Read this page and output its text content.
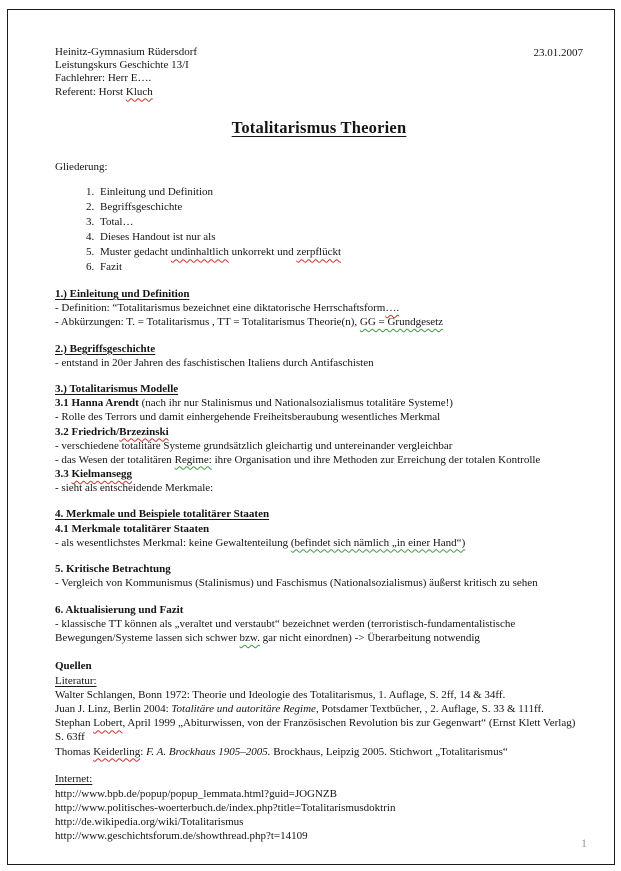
Heinitz-Gymnasium Rüdersdorf
Leistungskurs Geschichte 13/I
Fachlehrer: Herr E….
Referent: Horst Kluch
23.01.2007
Totalitarismus Theorien
Gliederung:
1. Einleitung und Definition
2. Begriffsgeschichte
3. Total…
4. Dieses Handout ist nur als
5. Muster gedacht undinhaltlich unkorrekt und zerpflückt
6. Fazit
1.) Einleitung und Definition
- Definition: “Totalitarismus bezeichnet eine diktatorische Herrschaftsform….
- Abkürzungen: T. = Totalitarismus , TT = Totalitarismus Theorie(n), GG = Grundgesetz
2.) Begriffsgeschichte
- entstand in 20er Jahren des faschistischen Italiens durch Antifaschisten
3.) Totalitarismus Modelle
3.1 Hanna Arendt (nach ihr nur Stalinismus und Nationalsozialismus totalitäre Systeme!)
- Rolle des Terrors und damit einhergehende Freiheitsberaubung wesentliches Merkmal
3.2 Friedrich/Brzezinski
- verschiedene totalitäre Systeme grundsätzlich gleichartig und untereinander vergleichbar
- das Wesen der totalitären Regime: ihre Organisation und ihre Methoden zur Erreichung der totalen Kontrolle
3.3 Kielmansegg
- sieht als entscheidende Merkmale:
4. Merkmale und Beispiele totalitärer Staaten
4.1 Merkmale totalitärer Staaten
- als wesentlichstes Merkmal: keine Gewaltenteilung (befindet sich nämlich „in einer Hand“)
5. Kritische Betrachtung
- Vergleich von Kommunismus (Stalinismus) und Faschismus (Nationalsozialismus) äußerst kritisch zu sehen
6. Aktualisierung und Fazit
- klassische TT können als „veraltet und verstaubt“ bezeichnet werden (terroristisch-fundamentalistische Bewegungen/Systeme lassen sich schwer bzw. gar nicht einordnen) -> Überarbeitung notwendig
Quellen
Literatur:
Walter Schlangen, Bonn 1972: Theorie und Ideologie des Totalitarismus, 1. Auflage, S. 2ff, 14 & 34ff.
Juan J. Linz, Berlin 2004: Totalitäre und autoritäre Regime, Potsdamer Textbücher, , 2. Auflage, S. 33 & 111ff.
Stephan Lobert, April 1999 „Abiturwissen, von der Französischen Revolution bis zur Gegenwart“ (Ernst Klett Verlag) S. 63ff
Thomas Keiderling: F. A. Brockhaus 1905–2005. Brockhaus, Leipzig 2005. Stichwort „Totalitarismus“
Internet:
http://www.bpb.de/popup/popup_lemmata.html?guid=JOGNZB
http://www.politisches-woerterbuch.de/index.php?title=Totalitarismusdoktrin
http://de.wikipedia.org/wiki/Totalitarismus
http://www.geschichtsforum.de/showthread.php?t=14109
1
